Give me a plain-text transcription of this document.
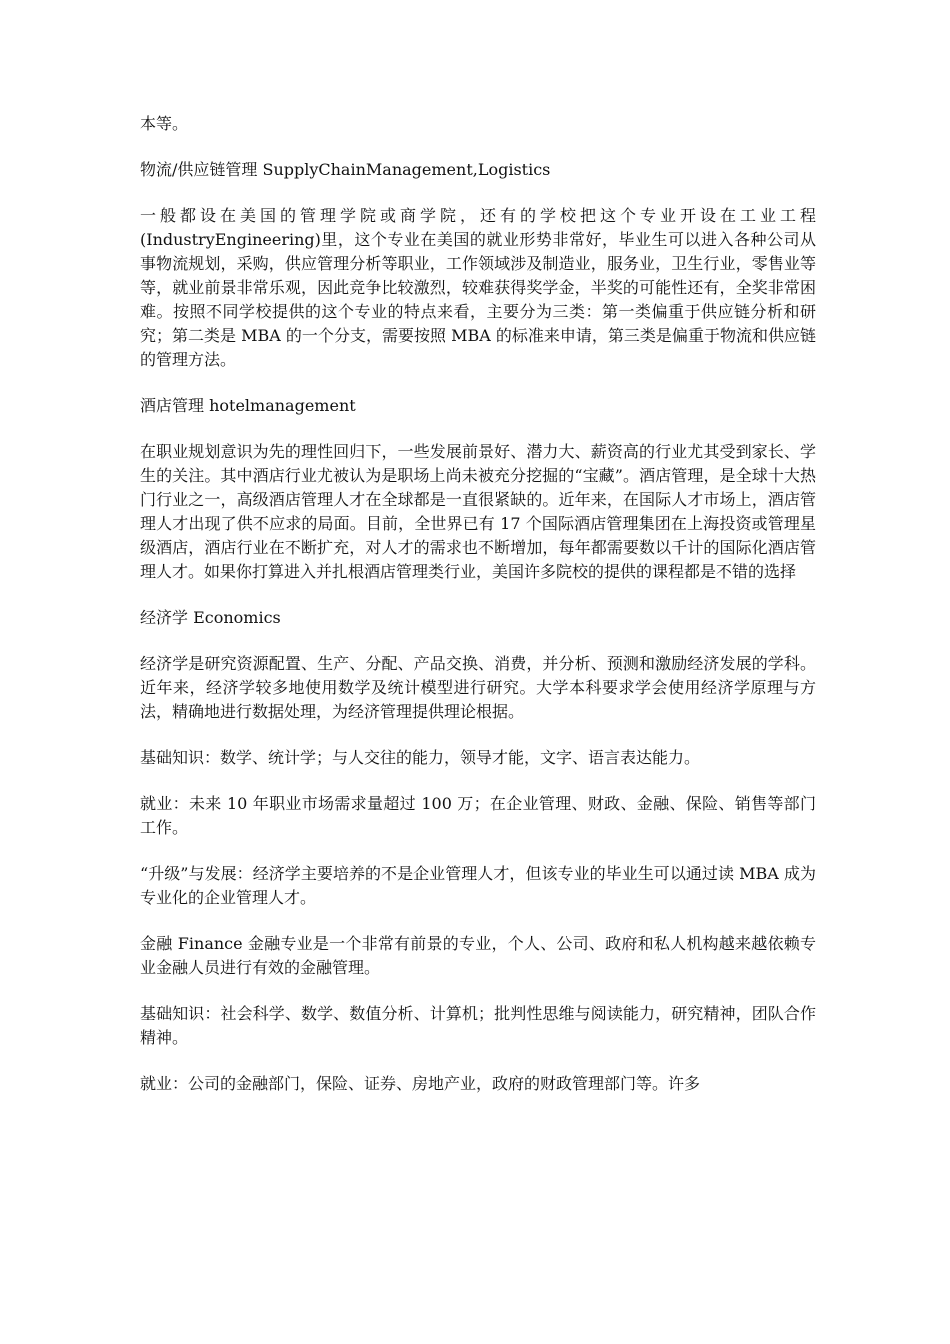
本等。

物流/供应链管理 SupplyChainManagement,Logistics

一般都设在美国的管理学院或商学院，还有的学校把这个专业开设在工业工程(IndustryEngineering)里，这个专业在美国的就业形势非常好，毕业生可以进入各种公司从事物流规划，采购，供应管理分析等职业，工作领域涉及制造业，服务业，卫生行业，零售业等等，就业前景非常乐观，因此竞争比较激烈，较难获得奖学金，半奖的可能性还有，全奖非常困难。按照不同学校提供的这个专业的特点来看，主要分为三类：第一类偏重于供应链分析和研究；第二类是 MBA 的一个分支，需要按照 MBA 的标准来申请，第三类是偏重于物流和供应链的管理方法。

酒店管理 hotelmanagement

在职业规划意识为先的理性回归下，一些发展前景好、潜力大、薪资高的行业尤其受到家长、学生的关注。其中酒店行业尤被认为是职场上尚未被充分挖掘的“宝藏”。酒店管理，是全球十大热门行业之一，高级酒店管理人才在全球都是一直很紧缺的。近年来，在国际人才市场上，酒店管理人才出现了供不应求的局面。目前，全世界已有 17 个国际酒店管理集团在上海投资或管理星级酒店，酒店行业在不断扩充，对人才的需求也不断增加，每年都需要数以千计的国际化酒店管理人才。如果你打算进入并扎根酒店管理类行业，美国许多院校的提供的课程都是不错的选择

经济学 Economics

经济学是研究资源配置、生产、分配、产品交换、消费，并分析、预测和激励经济发展的学科。近年来，经济学较多地使用数学及统计模型进行研究。大学本科要求学会使用经济学原理与方法，精确地进行数据处理，为经济管理提供理论根据。

基础知识：数学、统计学；与人交往的能力，领导才能，文字、语言表达能力。

就业：未来 10 年职业市场需求量超过 100 万；在企业管理、财政、金融、保险、销售等部门工作。

“升级”与发展：经济学主要培养的不是企业管理人才，但该专业的毕业生可以通过读 MBA 成为专业化的企业管理人才。

金融 Finance 金融专业是一个非常有前景的专业，个人、公司、政府和私人机构越来越依赖专业金融人员进行有效的金融管理。

基础知识：社会科学、数学、数值分析、计算机；批判性思维与阅读能力，研究精神，团队合作精神。

就业：公司的金融部门，保险、证券、房地产业，政府的财政管理部门等。许多
